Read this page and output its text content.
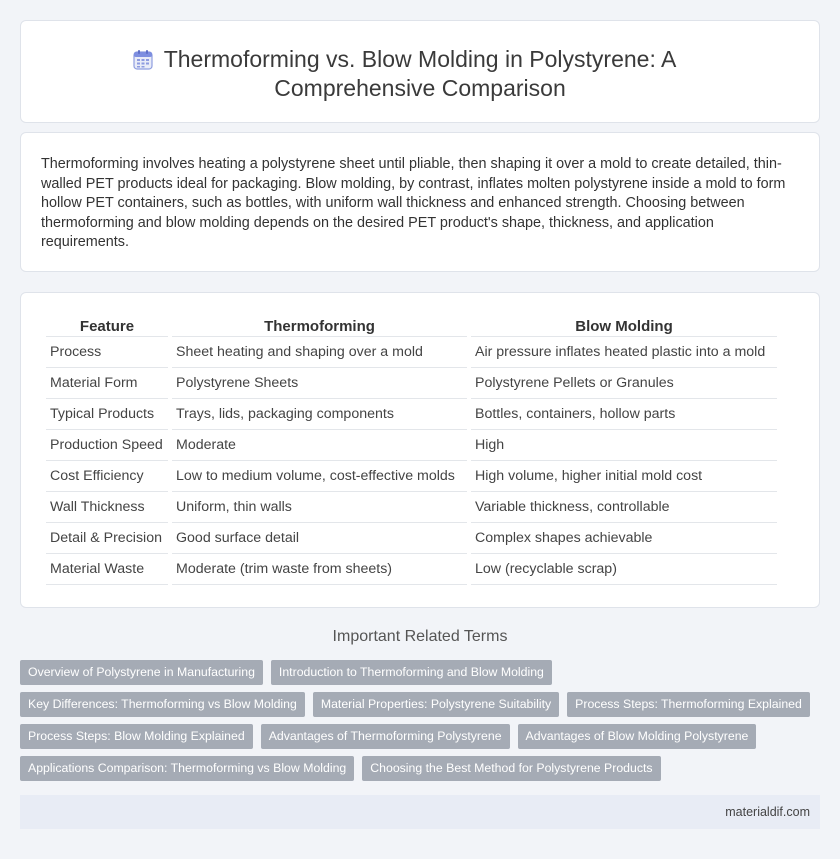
Thermoforming vs. Blow Molding in Polystyrene: A Comprehensive Comparison

Thermoforming involves heating a polystyrene sheet until pliable, then shaping it over a mold to create detailed, thin-walled PET products ideal for packaging. Blow molding, by contrast, inflates molten polystyrene inside a mold to form hollow PET containers, such as bottles, with uniform wall thickness and enhanced strength. Choosing between thermoforming and blow molding depends on the desired PET product's shape, thickness, and application requirements.

Feature	Thermoforming	Blow Molding
Process	Sheet heating and shaping over a mold	Air pressure inflates heated plastic into a mold
Material Form	Polystyrene Sheets	Polystyrene Pellets or Granules
Typical Products	Trays, lids, packaging components	Bottles, containers, hollow parts
Production Speed	Moderate	High
Cost Efficiency	Low to medium volume, cost-effective molds	High volume, higher initial mold cost
Wall Thickness	Uniform, thin walls	Variable thickness, controllable
Detail & Precision	Good surface detail	Complex shapes achievable
Material Waste	Moderate (trim waste from sheets)	Low (recyclable scrap)
Important Related Terms
Overview of Polystyrene in Manufacturing	Introduction to Thermoforming and Blow Molding
Key Differences: Thermoforming vs Blow Molding	Material Properties: Polystyrene Suitability	Process Steps: Thermoforming Explained
Process Steps: Blow Molding Explained	Advantages of Thermoforming Polystyrene	Advantages of Blow Molding Polystyrene
Applications Comparison: Thermoforming vs Blow Molding	Choosing the Best Method for Polystyrene Products
materialdif.com
